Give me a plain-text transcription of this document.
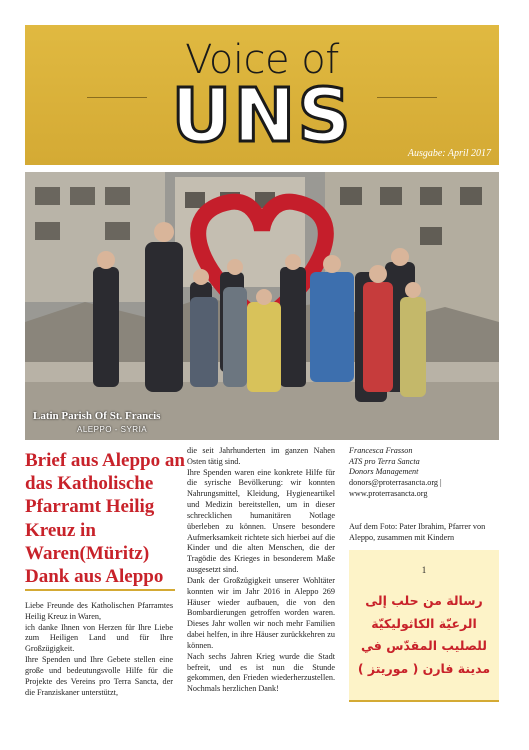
Voice of
UNS	Ausgabe: April 2017
Latin Parish Of St. Francis
ALEPPO - SYRIA
Brief aus Aleppo an das Katholische Pfarramt Heilig Kreuz in Waren(Müritz) Dank aus Aleppo
Liebe Freunde des Katholischen Pfarramtes Heilig Kreuz in Waren,
ich danke Ihnen von Herzen für Ihre Liebe zum Heiligen Land und für Ihre Großzügigkeit.
Ihre Spenden und Ihre Gebete stellen eine große und bedeutungsvolle Hilfe für die Projekte des Vereins pro Terra Sancta, der die Franziskaner unterstützt,
die seit Jahrhunderten im ganzen Nahen Osten tätig sind.
Ihre Spenden waren eine konkrete Hilfe für die syrische Bevölkerung: wir konnten Nahrungsmittel, Kleidung, Hygieneartikel und Medizin bereitstellen, um in dieser schrecklichen humanitären Notlage überleben zu können. Unsere besondere Aufmerksamkeit richtete sich hierbei auf die Kinder und die alten Menschen, die der Tragödie des Krieges in besonderem Maße ausgesetzt sind.
Dank der Großzügigkeit unserer Wohltäter konnten wir im Jahr 2016 in Aleppo 269 Häuser wieder aufbauen, die von den Bombardierungen getroffen worden waren. Dieses Jahr wollen wir noch mehr Familien dabei helfen, in ihre Häuser zurückkehren zu können.
Nach sechs Jahren Krieg wurde die Stadt befreit, und es ist nun die Stunde gekommen, den Frieden wiederherzustellen. Nochmals herzlichen Dank!
Francesca Frasson
ATS pro Terra Sancta
Donors Management
donors@proterrasancta.org |
www.proterrasancta.org
Auf dem Foto: Pater Ibrahim, Pfarrer von Aleppo, zusammen mit Kindern
1
رسالة من حلب إلى الرعيّة الكاثوليكيّة للصليب المقدّس في مدينة فارن ( موريتز )
